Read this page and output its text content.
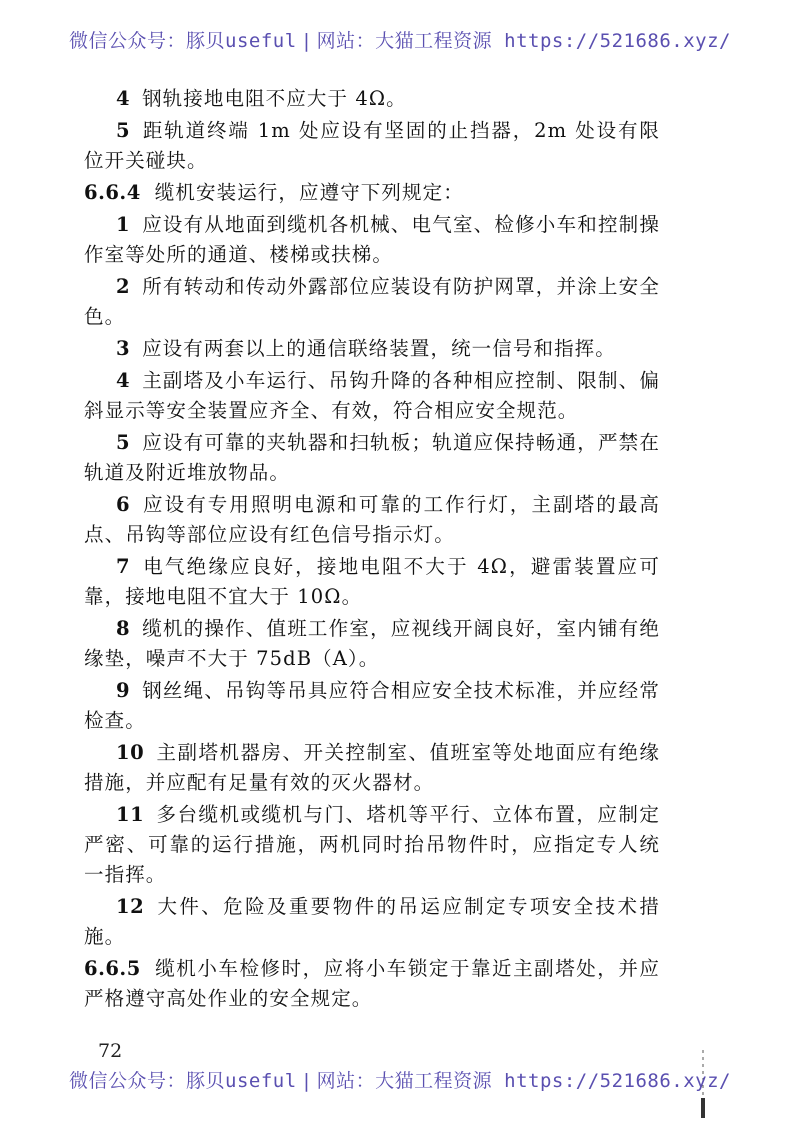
微信公众号：豚贝useful | 网站：大猫工程资源 https://521686.xyz/
4 钢轨接地电阻不应大于 4Ω。
5 距轨道终端 1m 处应设有坚固的止挡器，2m 处设有限位开关碰块。
6.6.4 缆机安装运行，应遵守下列规定：
1 应设有从地面到缆机各机械、电气室、检修小车和控制操作室等处所的通道、楼梯或扶梯。
2 所有转动和传动外露部位应装设有防护网罩，并涂上安全色。
3 应设有两套以上的通信联络装置，统一信号和指挥。
4 主副塔及小车运行、吊钩升降的各种相应控制、限制、偏斜显示等安全装置应齐全、有效，符合相应安全规范。
5 应设有可靠的夹轨器和扫轨板；轨道应保持畅通，严禁在轨道及附近堆放物品。
6 应设有专用照明电源和可靠的工作行灯，主副塔的最高点、吊钩等部位应设有红色信号指示灯。
7 电气绝缘应良好，接地电阻不大于 4Ω，避雷装置应可靠，接地电阻不宜大于 10Ω。
8 缆机的操作、值班工作室，应视线开阔良好，室内铺有绝缘垫，噪声不大于 75dB（A）。
9 钢丝绳、吊钩等吊具应符合相应安全技术标准，并应经常检查。
10 主副塔机器房、开关控制室、值班室等处地面应有绝缘措施，并应配有足量有效的灭火器材。
11 多台缆机或缆机与门、塔机等平行、立体布置，应制定严密、可靠的运行措施，两机同时抬吊物件时，应指定专人统一指挥。
12 大件、危险及重要物件的吊运应制定专项安全技术措施。
6.6.5 缆机小车检修时，应将小车锁定于靠近主副塔处，并应严格遵守高处作业的安全规定。
72
微信公众号：豚贝useful | 网站：大猫工程资源 https://521686.xyz/
